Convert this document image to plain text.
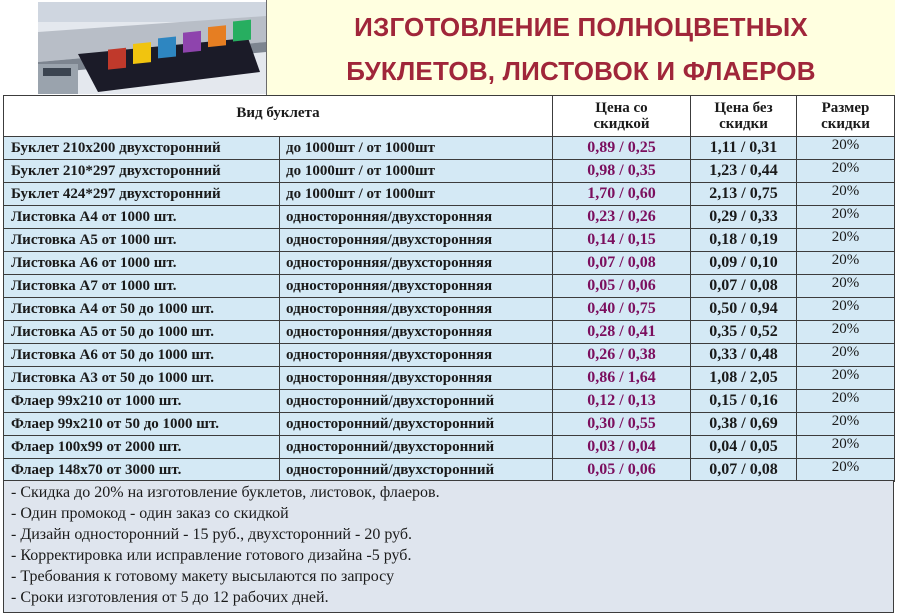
ИЗГОТОВЛЕНИЕ ПОЛНОЦВЕТНЫХ
БУКЛЕТОВ, ЛИСТОВОК И ФЛАЕРОВ
Вид буклета		Цена со скидкой	Цена без скидки	Размер скидки
Буклет 210х200 двухсторонний	до 1000шт / от 1000шт	0,89 / 0,25	1,11 / 0,31	20%
Буклет 210*297 двухсторонний	до 1000шт / от 1000шт	0,98 / 0,35	1,23 / 0,44	20%
Буклет 424*297 двухсторонний	до 1000шт / от 1000шт	1,70 / 0,60	2,13 / 0,75	20%
Листовка А4 от 1000 шт.	односторонняя/двухсторонняя	0,23 / 0,26	0,29 / 0,33	20%
Листовка А5 от 1000 шт.	односторонняя/двухсторонняя	0,14 / 0,15	0,18 / 0,19	20%
Листовка А6 от 1000 шт.	односторонняя/двухсторонняя	0,07 / 0,08	0,09 / 0,10	20%
Листовка А7 от 1000 шт.	односторонняя/двухсторонняя	0,05 / 0,06	0,07 / 0,08	20%
Листовка А4 от 50 до 1000 шт.	односторонняя/двухсторонняя	0,40 / 0,75	0,50 / 0,94	20%
Листовка А5 от 50 до 1000 шт.	односторонняя/двухсторонняя	0,28 / 0,41	0,35 / 0,52	20%
Листовка А6 от 50 до 1000 шт.	односторонняя/двухсторонняя	0,26 / 0,38	0,33 / 0,48	20%
Листовка А3 от 50 до 1000 шт.	односторонняя/двухсторонняя	0,86 / 1,64	1,08 / 2,05	20%
Флаер 99х210 от 1000 шт.	односторонний/двухсторонний	0,12 / 0,13	0,15 / 0,16	20%
Флаер 99х210 от 50 до 1000 шт.	односторонний/двухсторонний	0,30 / 0,55	0,38 / 0,69	20%
Флаер 100х99 от 2000 шт.	односторонний/двухсторонний	0,03 / 0,04	0,04 / 0,05	20%
Флаер 148х70 от 3000 шт.	односторонний/двухсторонний	0,05 / 0,06	0,07 / 0,08	20%
- Скидка до 20% на изготовление буклетов, листовок, флаеров.
- Один промокод - один заказ со скидкой
- Дизайн односторонний - 15 руб., двухсторонний - 20 руб.
- Корректировка или исправление готового дизайна -5 руб.
- Требования к готовому макету высылаются по запросу
- Сроки изготовления от 5 до 12 рабочих дней.
